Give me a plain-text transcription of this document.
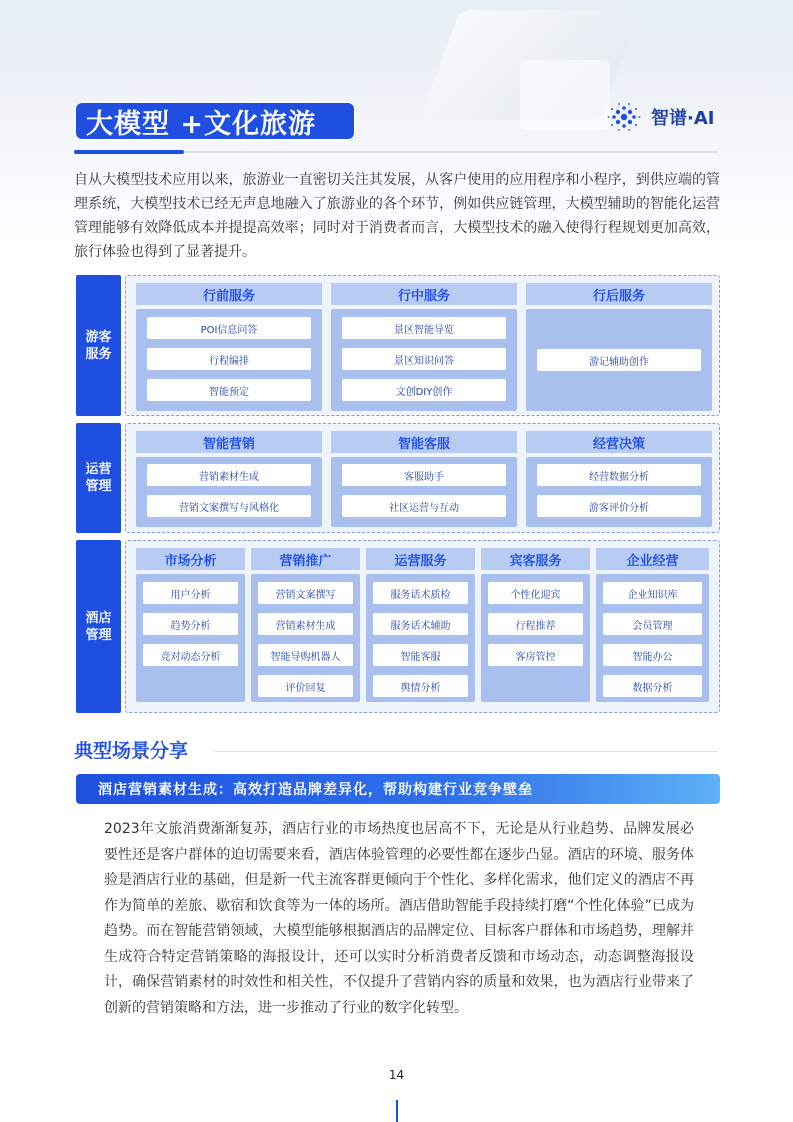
大模型 +文化旅游	智谱·AI

自从大模型技术应用以来，旅游业一直密切关注其发展，从客户使用的应用程序和小程序，到供应端的管理系统，大模型技术已经无声息地融入了旅游业的各个环节，例如供应链管理，大模型辅助的智能化运营管理能够有效降低成本并提提高效率；同时对于消费者而言，大模型技术的融入使得行程规划更加高效，旅行体验也得到了显著提升。

游客服务
行前服务
POI信息问答
行程编排
智能预定
行中服务
景区智能导览
景区知识问答
文创DIY创作
行后服务
游记辅助创作
运营管理
智能营销
营销素材生成
营销文案撰写与风格化
智能客服
客服助手
社区运营与互动
经营决策
经营数据分析
游客评价分析
酒店管理
市场分析
用户分析
趋势分析
竞对动态分析
营销推广
营销文案撰写
营销素材生成
智能导购机器人
评价回复
运营服务
服务话术质检
服务话术辅助
智能客服
舆情分析
宾客服务
个性化迎宾
行程推荐
客房管控
企业经营
企业知识库
会员管理
智能办公
数据分析
典型场景分享
酒店营销素材生成：高效打造品牌差异化，帮助构建行业竞争壁垒

2023年文旅消费渐渐复苏，酒店行业的市场热度也居高不下，无论是从行业趋势、品牌发展必要性还是客户群体的迫切需要来看，酒店体验管理的必要性都在逐步凸显。酒店的环境、服务体验是酒店行业的基础，但是新一代主流客群更倾向于个性化、多样化需求，他们定义的酒店不再作为简单的差旅、歇宿和饮食等为一体的场所。酒店借助智能手段持续打磨“个性化体验”已成为趋势。而在智能营销领域，大模型能够根据酒店的品牌定位、目标客户群体和市场趋势，理解并生成符合特定营销策略的海报设计，还可以实时分析消费者反馈和市场动态，动态调整海报设计，确保营销素材的时效性和相关性，不仅提升了营销内容的质量和效果，也为酒店行业带来了创新的营销策略和方法，进一步推动了行业的数字化转型。

14
